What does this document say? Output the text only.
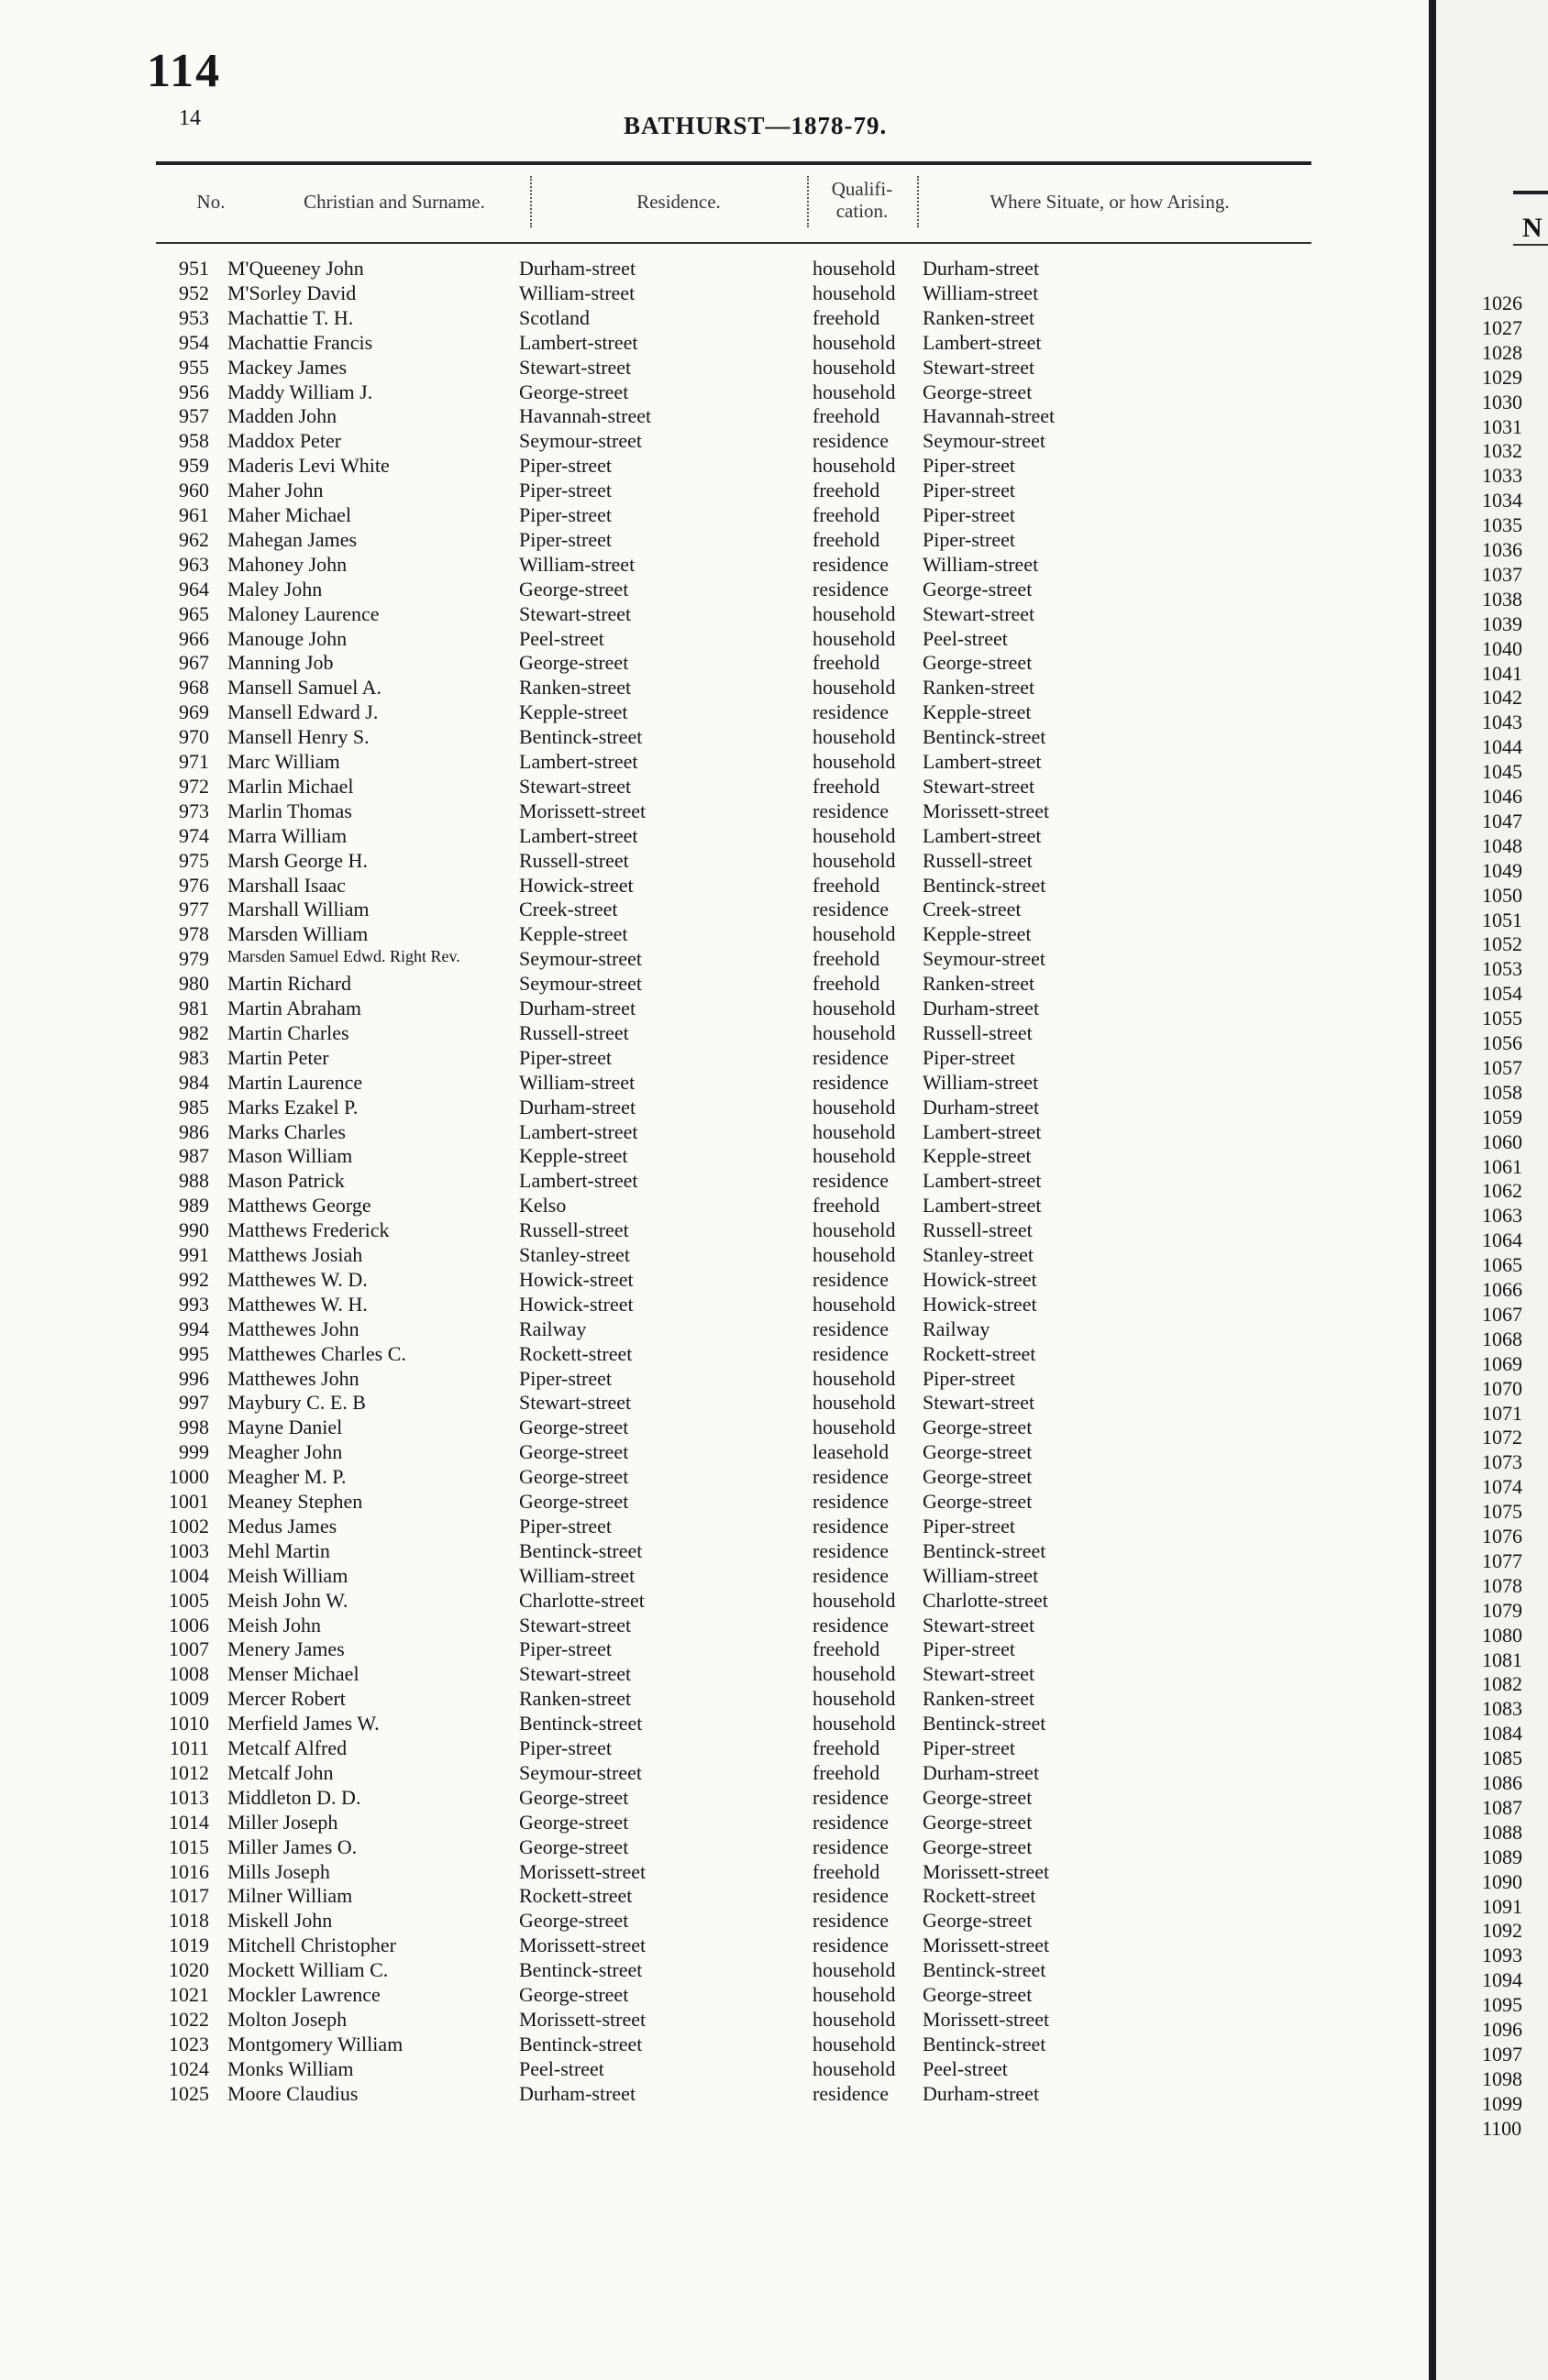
114
14	BATHURST—1878-79.
No.	Christian and Surname.	Residence.
Qualifi-
cation.	Where Situate, or how Arising.
951 M'Queeney John	Durham-street	household	Durham-street
952 M'Sorley David	William-street	household	William-street
953 Machattie T. H.	Scotland	freehold	Ranken-street
954 Machattie Francis	Lambert-street	household	Lambert-street
955 Mackey James	Stewart-street	household	Stewart-street
956 Maddy William J.	George-street	household	George-street
957 Madden John	Havannah-street	freehold	Havannah-street
958 Maddox Peter	Seymour-street	residence	Seymour-street
959 Maderis Levi White	Piper-street	household	Piper-street
960 Maher John	Piper-street	freehold	Piper-street
961 Maher Michael	Piper-street	freehold	Piper-street
962 Mahegan James	Piper-street	freehold	Piper-street
963 Mahoney John	William-street	residence	William-street
964 Maley John	George-street	residence	George-street
965 Maloney Laurence	Stewart-street	household	Stewart-street
966 Manouge John	Peel-street	household	Peel-street
967 Manning Job	George-street	freehold	George-street
968 Mansell Samuel A.	Ranken-street	household	Ranken-street
969 Mansell Edward J.	Kepple-street	residence	Kepple-street
970 Mansell Henry S.	Bentinck-street	household	Bentinck-street
971 Marc William	Lambert-street	household	Lambert-street
972 Marlin Michael	Stewart-street	freehold	Stewart-street
973 Marlin Thomas	Morissett-street	residence	Morissett-street
974 Marra William	Lambert-street	household	Lambert-street
975 Marsh George H.	Russell-street	household	Russell-street
976 Marshall Isaac	Howick-street	freehold	Bentinck-street
977 Marshall William	Creek-street	residence	Creek-street
978 Marsden William	Kepple-street	household	Kepple-street
979 Marsden Samuel Edwd. Right Rev.	Seymour-street	freehold	Seymour-street
980 Martin Richard	Seymour-street	freehold	Ranken-street
981 Martin Abraham	Durham-street	household	Durham-street
982 Martin Charles	Russell-street	household	Russell-street
983 Martin Peter	Piper-street	residence	Piper-street
984 Martin Laurence	William-street	residence	William-street
985 Marks Ezakel P.	Durham-street	household	Durham-street
986 Marks Charles	Lambert-street	household	Lambert-street
987 Mason William	Kepple-street	household	Kepple-street
988 Mason Patrick	Lambert-street	residence	Lambert-street
989 Matthews George	Kelso	freehold	Lambert-street
990 Matthews Frederick	Russell-street	household	Russell-street
991 Matthews Josiah	Stanley-street	household	Stanley-street
992 Matthewes W. D.	Howick-street	residence	Howick-street
993 Matthewes W. H.	Howick-street	household	Howick-street
994 Matthewes John	Railway	residence	Railway
995 Matthewes Charles C.	Rockett-street	residence	Rockett-street
996 Matthewes John	Piper-street	household	Piper-street
997 Maybury C. E. B	Stewart-street	household	Stewart-street
998 Mayne Daniel	George-street	household	George-street
999 Meagher John	George-street	leasehold	George-street
1000 Meagher M. P.	George-street	residence	George-street
1001 Meaney Stephen	George-street	residence	George-street
1002 Medus James	Piper-street	residence	Piper-street
1003 Mehl Martin	Bentinck-street	residence	Bentinck-street
1004 Meish William	William-street	residence	William-street
1005 Meish John W.	Charlotte-street	household	Charlotte-street
1006 Meish John	Stewart-street	residence	Stewart-street
1007 Menery James	Piper-street	freehold	Piper-street
1008 Menser Michael	Stewart-street	household	Stewart-street
1009 Mercer Robert	Ranken-street	household	Ranken-street
1010 Merfield James W.	Bentinck-street	household	Bentinck-street
1011 Metcalf Alfred	Piper-street	freehold	Piper-street
1012 Metcalf John	Seymour-street	freehold	Durham-street
1013 Middleton D. D.	George-street	residence	George-street
1014 Miller Joseph	George-street	residence	George-street
1015 Miller James O.	George-street	residence	George-street
1016 Mills Joseph	Morissett-street	freehold	Morissett-street
1017 Milner William	Rockett-street	residence	Rockett-street
1018 Miskell John	George-street	residence	George-street
1019 Mitchell Christopher	Morissett-street	residence	Morissett-street
1020 Mockett William C.	Bentinck-street	household	Bentinck-street
1021 Mockler Lawrence	George-street	household	George-street
1022 Molton Joseph	Morissett-street	household	Morissett-street
1023 Montgomery William	Bentinck-street	household	Bentinck-street
1024 Monks William	Peel-street	household	Peel-street
1025 Moore Claudius	Durham-street	residence	Durham-street
N
1026
1027
1028
1029
1030
1031
1032
1033
1034
1035
1036
1037
1038
1039
1040
1041
1042
1043
1044
1045
1046
1047
1048
1049
1050
1051
1052
1053
1054
1055
1056
1057
1058
1059
1060
1061
1062
1063
1064
1065
1066
1067
1068
1069
1070
1071
1072
1073
1074
1075
1076
1077
1078
1079
1080
1081
1082
1083
1084
1085
1086
1087
1088
1089
1090
1091
1092
1093
1094
1095
1096
1097
1098
1099
1100
